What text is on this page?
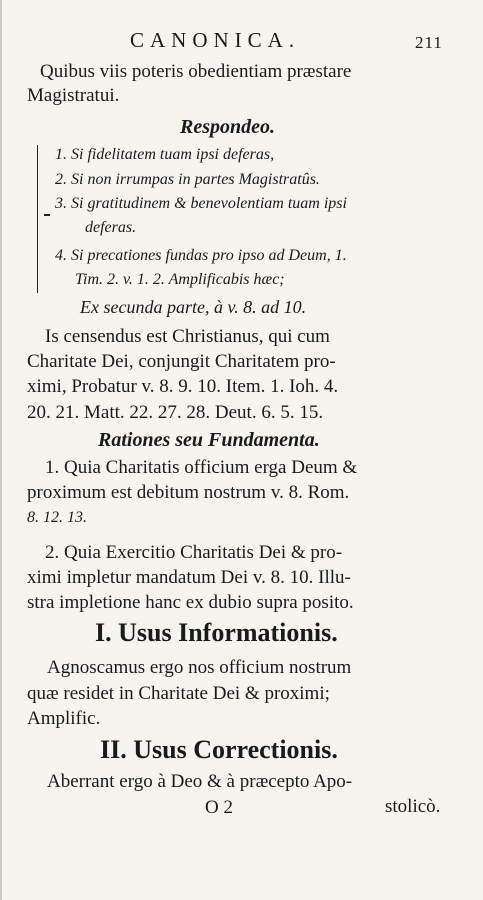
CANONICA.	211
Quibus viis poteris obedientiam præstare
Magistratui.
Respondeo.
1. Si fidelitatem tuam ipsi deferas,
2. Si non irrumpas in partes Magistratûs.
3. Si gratitudinem & benevolentiam tuam ipsi
deferas.
4. Si precationes fundas pro ipso ad Deum, 1.
Tim. 2. v. 1. 2. Amplificabis hæc;
Ex secunda parte, à v. 8. ad 10.
Is censendus est Christianus, qui cum
Charitate Dei, conjungit Charitatem pro-
ximi, Probatur v. 8. 9. 10. Item. 1. Ioh. 4.
20. 21. Matt. 22. 27. 28. Deut. 6. 5. 15.
Rationes seu Fundamenta.
1. Quia Charitatis officium erga Deum &
proximum est debitum nostrum v. 8. Rom.
8. 12. 13.
2. Quia Exercitio Charitatis Dei & pro-
ximi impletur mandatum Dei v. 8. 10. Illu-
stra impletione hanc ex dubio supra posito.
I. Usus Informationis.
Agnoscamus ergo nos officium nostrum
quæ residet in Charitate Dei & proximi;
Amplific.
II. Usus Correctionis.
Aberrant ergo à Deo & à præcepto Apo-
O 2	stolicò.
